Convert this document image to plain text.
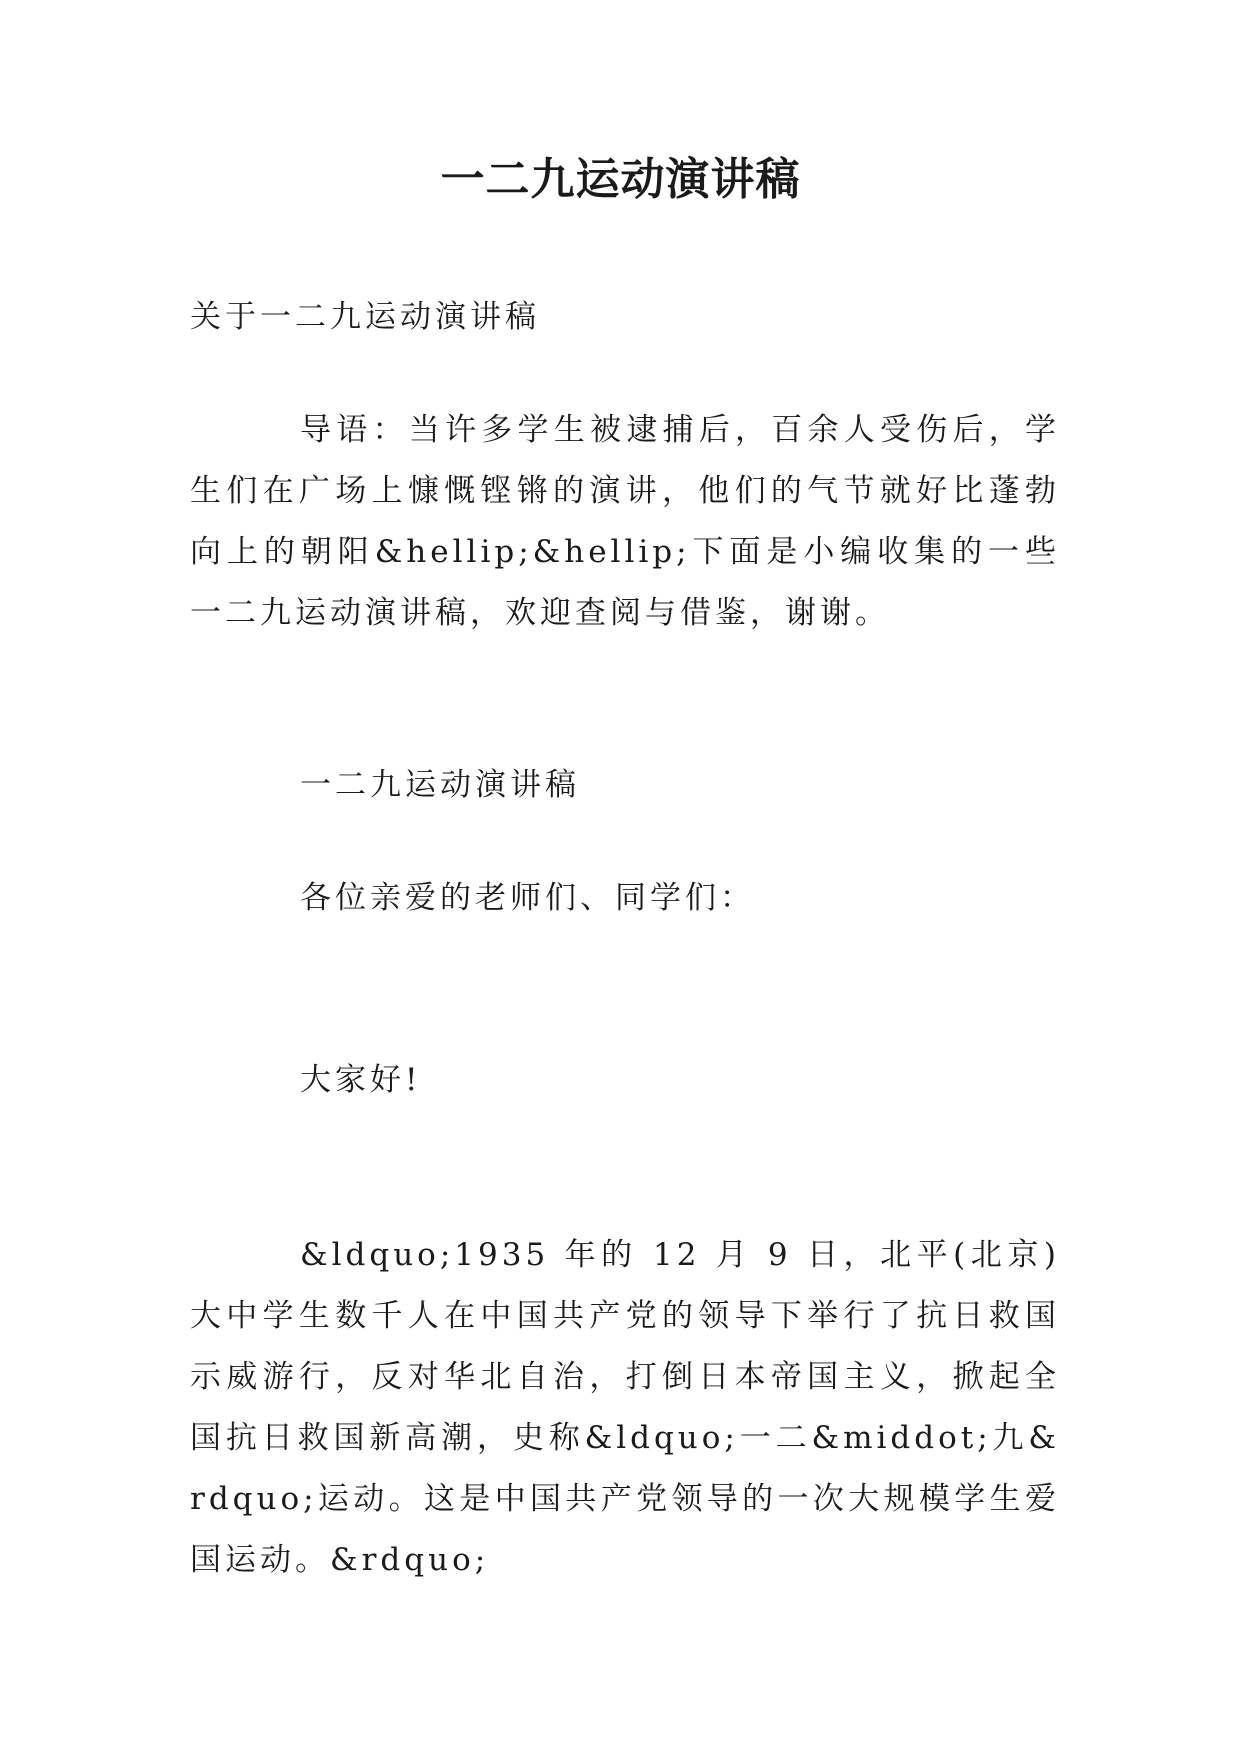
一二九运动演讲稿
关于一二九运动演讲稿
导语：当许多学生被逮捕后，百余人受伤后，学生们在广场上慷慨铿锵的演讲，他们的气节就好比蓬勃向上的朝阳&hellip;&hellip;下面是小编收集的一些一二九运动演讲稿，欢迎查阅与借鉴，谢谢。
一二九运动演讲稿
各位亲爱的老师们、同学们：
大家好!
&ldquo;1935 年的 12 月 9 日，北平(北京)大中学生数千人在中国共产党的领导下举行了抗日救国示威游行，反对华北自治，打倒日本帝国主义，掀起全国抗日救国新高潮，史称&ldquo;一二&middot;九&rdquo;运动。这是中国共产党领导的一次大规模学生爱国运动。&rdquo;
